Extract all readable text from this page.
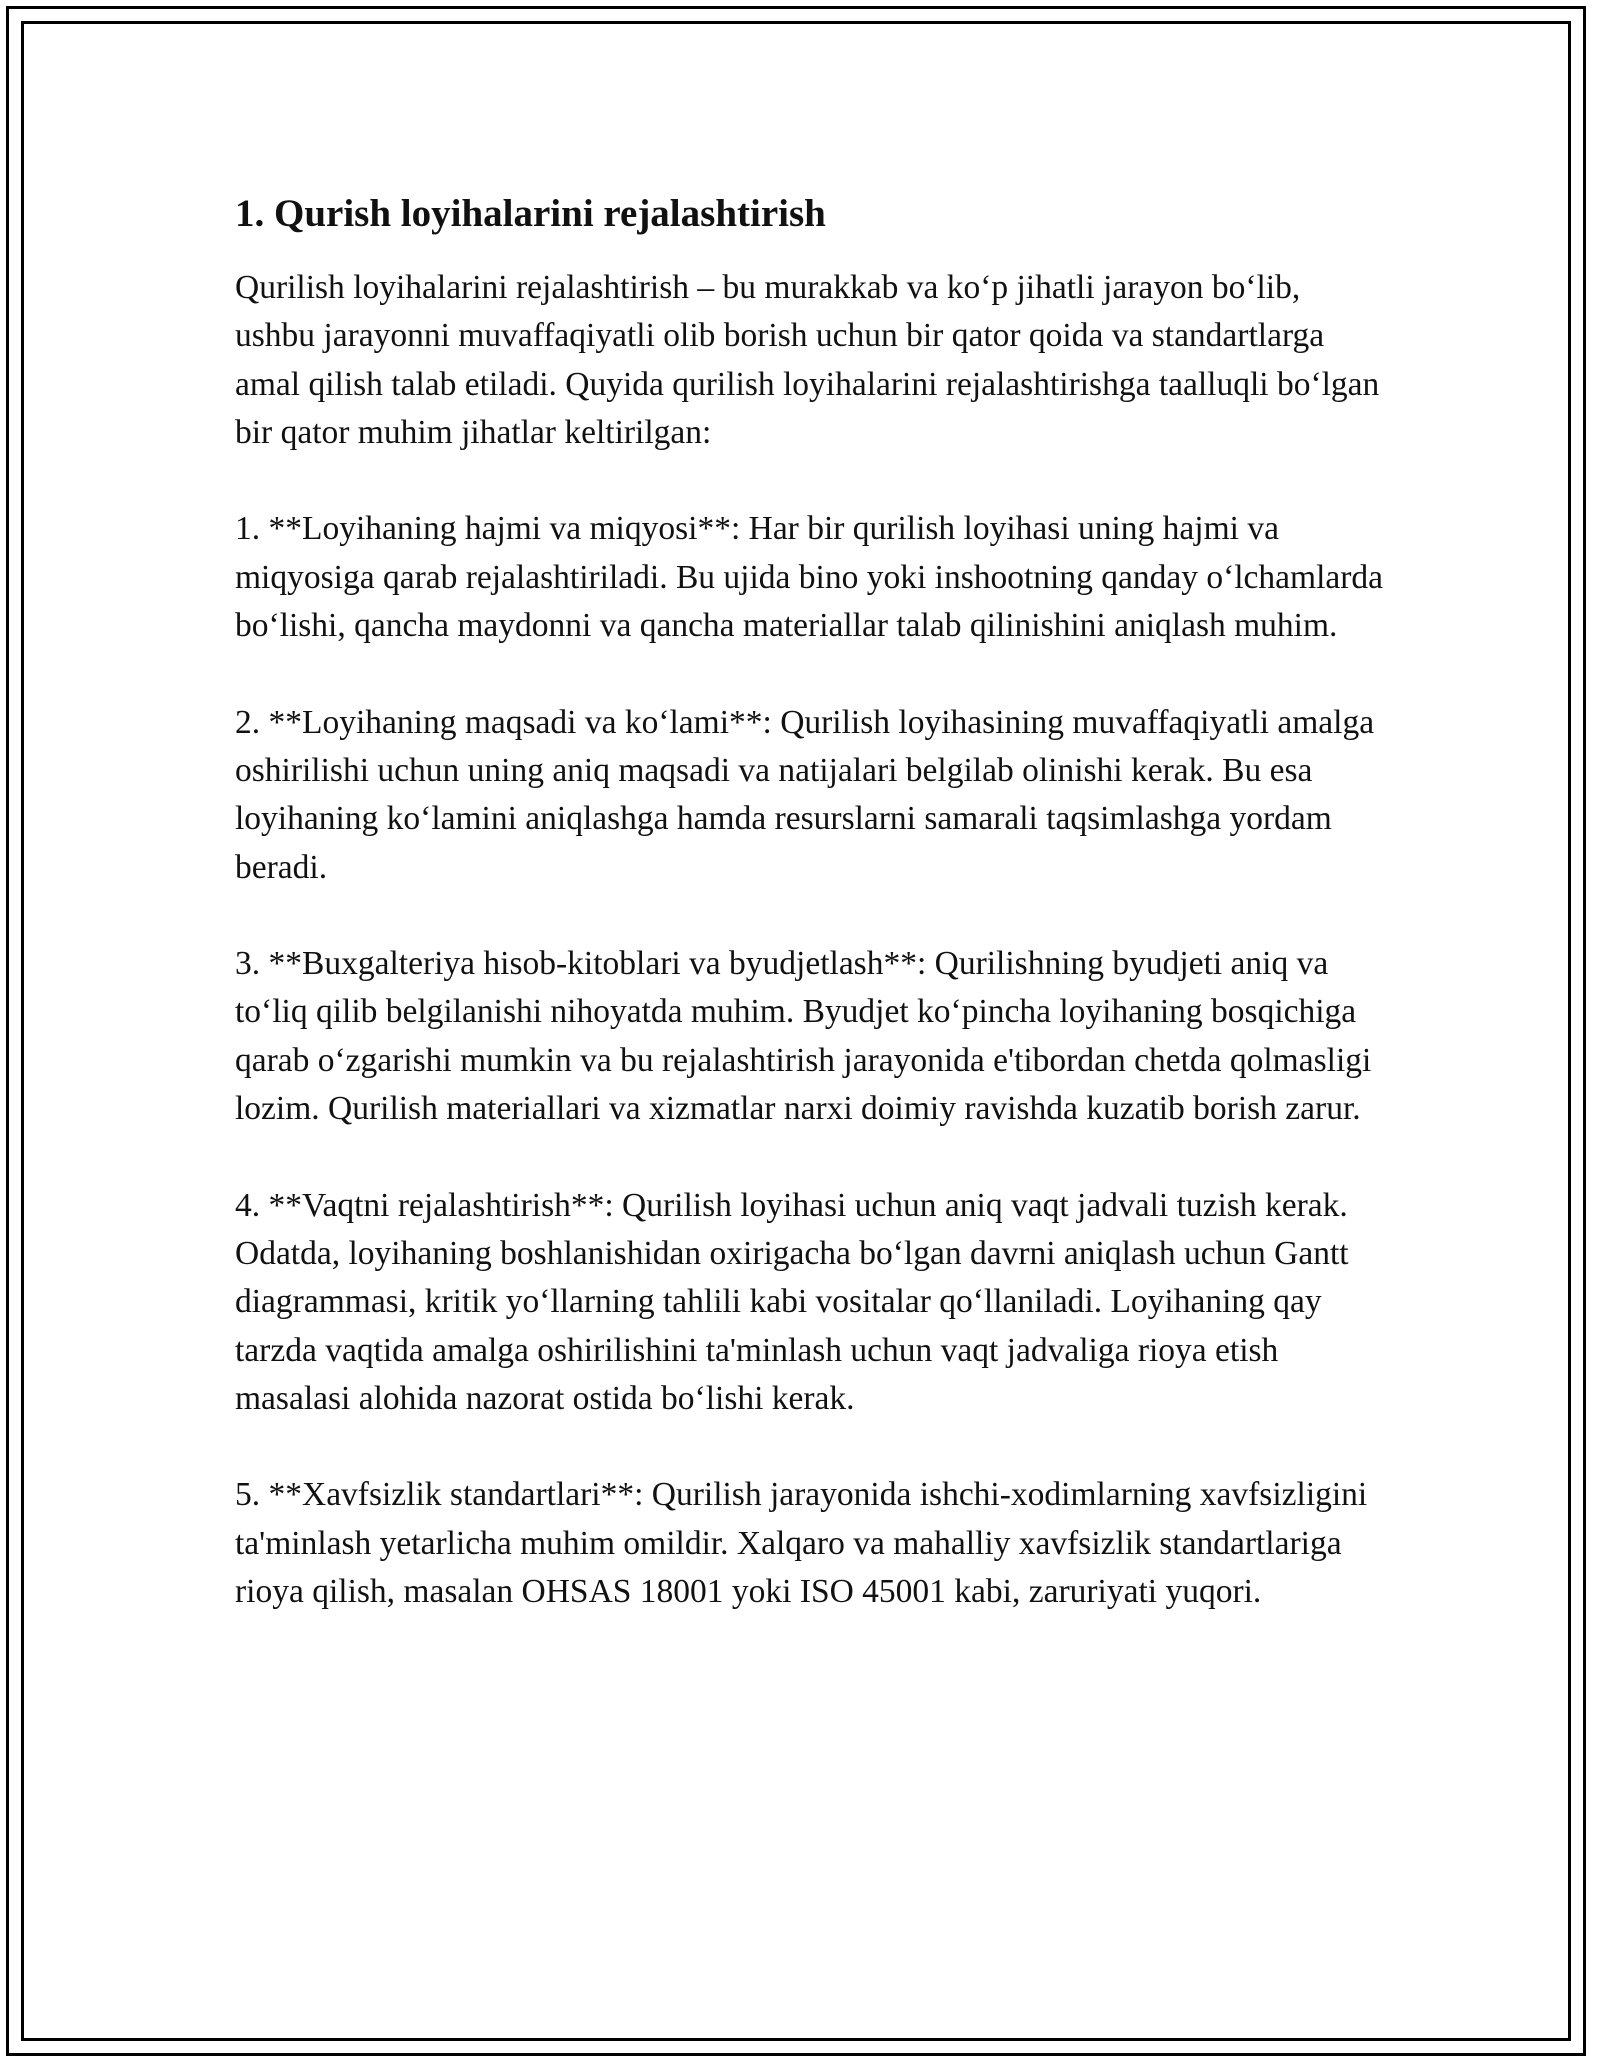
1. Qurish loyihalarini rejalashtirish

Qurilish loyihalarini rejalashtirish – bu murakkab va koʻp jihatli jarayon boʻlib, ushbu jarayonni muvaffaqiyatli olib borish uchun bir qator qoida va standartlarga amal qilish talab etiladi. Quyida qurilish loyihalarini rejalashtirishga taalluqli boʻlgan bir qator muhim jihatlar keltirilgan:

1. **Loyihaning hajmi va miqyosi**: Har bir qurilish loyihasi uning hajmi va miqyosiga qarab rejalashtiriladi. Bu ujida bino yoki inshootning qanday oʻlchamlarda boʻlishi, qancha maydonni va qancha materiallar talab qilinishini aniqlash muhim.

2. **Loyihaning maqsadi va koʻlami**: Qurilish loyihasining muvaffaqiyatli amalga oshirilishi uchun uning aniq maqsadi va natijalari belgilab olinishi kerak. Bu esa loyihaning koʻlamini aniqlashga hamda resurslarni samarali taqsimlashga yordam beradi.

3. **Buxgalteriya hisob-kitoblari va byudjetlash**: Qurilishning byudjeti aniq va toʻliq qilib belgilanishi nihoyatda muhim. Byudjet koʻpincha loyihaning bosqichiga qarab oʻzgarishi mumkin va bu rejalashtirish jarayonida e'tibordan chetda qolmasligi lozim. Qurilish materiallari va xizmatlar narxi doimiy ravishda kuzatib borish zarur.

4. **Vaqtni rejalashtirish**: Qurilish loyihasi uchun aniq vaqt jadvali tuzish kerak. Odatda, loyihaning boshlanishidan oxirigacha boʻlgan davrni aniqlash uchun Gantt diagrammasi, kritik yoʻllarning tahlili kabi vositalar qoʻllaniladi. Loyihaning qay tarzda vaqtida amalga oshirilishini ta'minlash uchun vaqt jadvaliga rioya etish masalasi alohida nazorat ostida boʻlishi kerak.

5. **Xavfsizlik standartlari**: Qurilish jarayonida ishchi-xodimlarning xavfsizligini ta'minlash yetarlicha muhim omildir. Xalqaro va mahalliy xavfsizlik standartlariga rioya qilish, masalan OHSAS 18001 yoki ISO 45001 kabi, zaruriyati yuqori.
